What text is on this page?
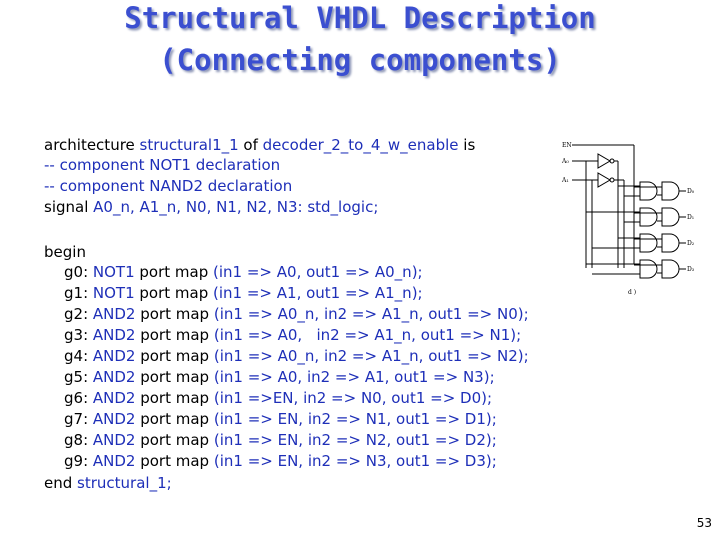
Structural VHDL Description
(Connecting components)
architecture structural1_1 of decoder_2_to_4_w_enable is
-- component NOT1 declaration
-- component NAND2 declaration
signal A0_n, A1_n, N0, N1, N2, N3: std_logic;
begin
g0: NOT1 port map (in1 => A0, out1 => A0_n);
g1: NOT1 port map (in1 => A1, out1 => A1_n);
g2: AND2 port map (in1 => A0_n, in2 => A1_n, out1 => N0);
g3: AND2 port map (in1 => A0,   in2 => A1_n, out1 => N1);
g4: AND2 port map (in1 => A0_n, in2 => A1_n, out1 => N2);
g5: AND2 port map (in1 => A0, in2 => A1, out1 => N3);
g6: AND2 port map (in1 =>EN, in2 => N0, out1 => D0);
g7: AND2 port map (in1 => EN, in2 => N1, out1 => D1);
g8: AND2 port map (in1 => EN, in2 => N2, out1 => D2);
g9: AND2 port map (in1 => EN, in2 => N3, out1 => D3);
end structural_1;
EN
A₀
A₁
D₀
D₁
D₂
D₃
d )
53
